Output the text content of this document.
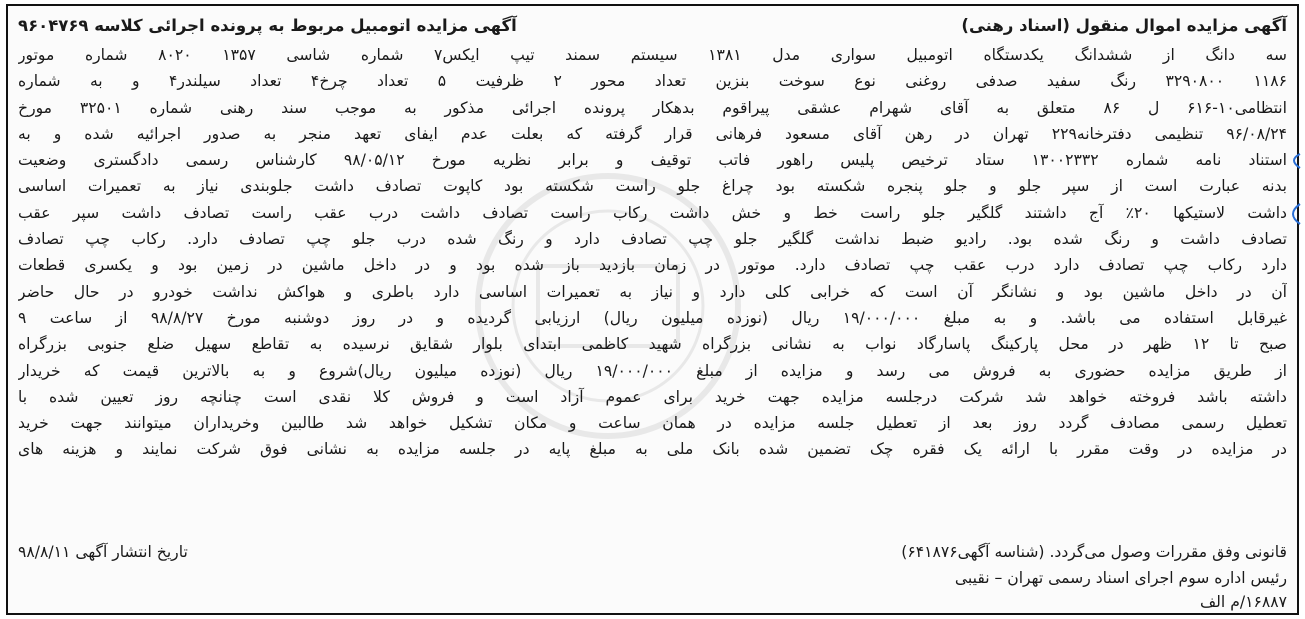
آگهی مزایده اموال منقول (اسناد رهنی)
آگهی مزایده اتومبیل مربوط به پرونده اجرائی کلاسه ۹۶۰۴۷۶۹
سه دانگ از ششدانگ یکدستگاه اتومبیل سواری مدل ۱۳۸۱ سیستم سمند تیپ ایکس۷ شماره شاسی ۱۳۵۷ ۸۰۲۰ شماره موتور
۱۱۸۶ ۳۲۹۰۸۰۰ رنگ سفید صدفی روغنی نوع سوخت بنزین تعداد محور ۲ ظرفیت ۵ تعداد چرخ۴ تعداد سیلندر۴ و به شماره
انتظامی۱۰-۶۱۶ ل ۸۶ متعلق به آقای شهرام عشقی پیراقوم بدهکار پرونده اجرائی مذکور به موجب سند رهنی شماره ۳۲۵۰۱ مورخ
۹۶/۰۸/۲۴ تنظیمی دفترخانه۲۲۹ تهران در رهن آقای مسعود فرهانی قرار گرفته که بعلت عدم ایفای تعهد منجر به صدور اجرائیه شده و به
استناد نامه شماره ۱۳۰۰۲۳۳۲ ستاد ترخیص پلیس راهور فاتب توقیف و برابر نظریه مورخ ۹۸/۰۵/۱۲ کارشناس رسمی دادگستری وضعیت
بدنه عبارت است از سپر جلو و جلو پنجره شکسته بود چراغ جلو راست شکسته بود کاپوت تصادف داشت جلوبندی نیاز به تعمیرات اساسی
داشت لاستیکها ۲۰٪ آج داشتند گلگیر جلو راست خط و خش داشت رکاب راست تصادف داشت درب عقب راست تصادف داشت سپر عقب
تصادف داشت و رنگ شده بود. رادیو ضبط نداشت گلگیر جلو چپ تصادف دارد و رنگ شده درب جلو چپ تصادف دارد. رکاب چپ تصادف
دارد رکاب چپ تصادف دارد درب عقب چپ تصادف دارد. موتور در زمان بازدید باز شده بود و در داخل ماشین در زمین بود و یکسری قطعات
آن در داخل ماشین بود و نشانگر آن است که خرابی کلی دارد و نیاز به تعمیرات اساسی دارد باطری و هواکش نداشت خودرو در حال حاضر
غیرقابل استفاده می باشد. و به مبلغ ۱۹/۰۰۰/۰۰۰ ریال (نوزده میلیون ریال) ارزیابی گردیده و در روز دوشنبه مورخ ۹۸/۸/۲۷ از ساعت ۹
صبح تا ۱۲ ظهر در محل پارکینگ پاسارگاد نواب به نشانی بزرگراه شهید کاظمی ابتدای بلوار شقایق نرسیده به تقاطع سهیل ضلع جنوبی بزرگراه
از طریق مزایده حضوری به فروش می رسد و مزایده از مبلغ ۱۹/۰۰۰/۰۰۰ ریال (نوزده میلیون ریال)شروع و به بالاترین قیمت که خریدار
داشته باشد فروخته خواهد شد شرکت درجلسه مزایده جهت خرید برای عموم آزاد است و فروش کلا نقدی است چنانچه روز تعیین شده با
تعطیل رسمی مصادف گردد روز بعد از تعطیل جلسه مزایده در همان ساعت و مکان تشکیل خواهد شد طالبین وخریداران میتوانند جهت خرید
در مزایده در وقت مقرر با ارائه یک فقره چک تضمین شده بانک ملی به مبلغ پایه در جلسه مزایده به نشانی فوق شرکت نمایند و هزینه های
قانونی وفق مقررات وصول می‌گردد. (شناسه آگهی۶۴۱۸۷۶)
تاریخ انتشار آگهی ۹۸/۸/۱۱
رئیس اداره سوم اجرای اسناد رسمی تهران – نقیبی
۱۶۸۸۷/م الف
